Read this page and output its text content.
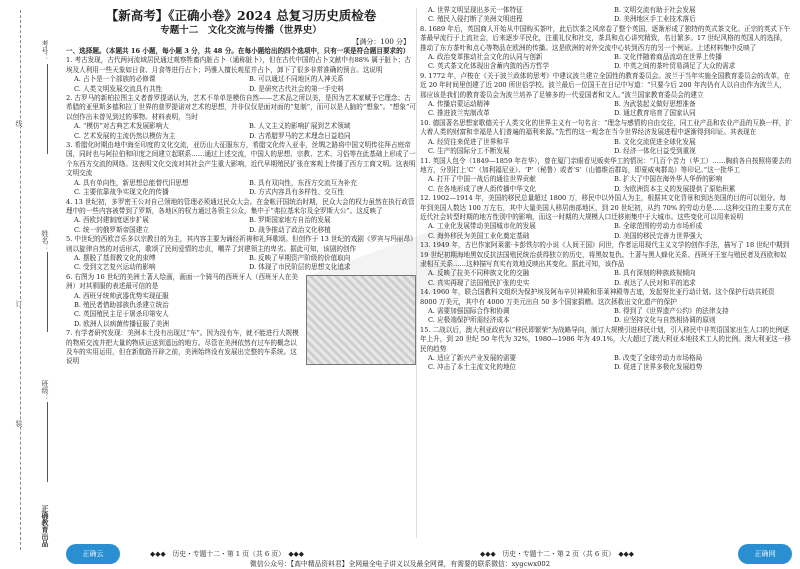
考号：
姓名：
班级：
正确教育出品
线
订
装
【新高考】《正确小卷》2024 总复习历史质检卷
专题十二　文化交流与传播（世界史）
【满分：100 分】
一、选择题。（本题共 16 小题，每小题 3 分，共 48 分。在每小题给出的四个选项中，只有一项是符合题目要求的）
1. 考古发现，古代两河流域居民通过观察牲畜内脏占卜（通称脏卜），但在古代中国的占卜文献中有88% 属于脏卜；古埃及人利用一些天象如日食、月食等进行占卜；玛雅人擅长观星并占卜，卸下了很多非常准确的预言。这说明
A. 占卜是一个部族的必修课	B. 可以通过不同地区的人神关系
C. 人类文明发展交流具有共性	D. 是研究古代社会的第一手史料
2. 古罗马的新柏拉图主义者普罗提诺认为，艺术不单单是模仿自然——艺术品之所以美，是因为艺术家赋予它理念；古希腊的亚里斯多德和拉丁世界的普罗提诺对艺术的思想，并非仅仅是面对面的“复制”，而可以是人脑的“想象”。“想象”可以创作出未曾见到过的事物。材料表明，当时
A. “模仿”对古典艺术发展影响大	B. 人文主义的影响扩展到艺术领域
C. 艺术发展的主流仍然以模仿为主	D. 古希腊罗马的艺术理念日益趋同
3. 希腊化时期由地中海至印度的文化交流，亚历山大征服东方，希腊文化传入亚非，丝绸之路将中国文明传往拜占庭帝国，同时也与阿拉伯和印度之间建立起联系……通过上述交流，中国人的思想、宗教、艺术、习俗等在此基础上形成了一个东西方交流的网络。这表明文化交流对其社会产生重大影响，近代早期殖民扩张在客观上传播了西方工商文明。这表明文明交流
A. 具有单向性，新思想总能替代旧思想	B. 具有双向性，东西方交流互为补充
C. 主要依靠战争实现文化的传播	D. 方式内容具有多样性、交互性
4. 13 世纪初，多罗密王公对自己领地的管理必须通过民众大会。在金帐汗国统治时期，民众大会的权力虽然在执行政管理中的一些内容被带到了罗斯，各地区的权力通过各领主公众，集中于“弗拉基米尔及全罗斯大公”。这反映了
A. 西欧封建制度逐步扩展	B. 罗斯国家地方自治的发展
C. 统一的俄罗斯帝国建立	D. 战争推动了政治文化移植
5. 中世纪的西欧音乐多以宗教目的为主，其内容主要为诵经祈祷和礼拜歌颂。但创作于 13 世纪的戏剧《罗宾与玛丽昂》则以旋律自然的对话形式，歌颂了民间爱情的忠贞，嘲弄了封建领主的卑劣。据此可知，该剧的创作
A. 摆脱了基督教文化的束缚	B. 反映了早期资产阶级的价值取向
C. 受到文艺复兴运动的影响	D. 体现了市民阶层的思想文化追求
6. 右图为 16 世纪的美洲土著人绘画，画面一个骑马的西班牙人（西班牙人在美洲）对其驯服的表述最可信的是
A. 西班牙统帅武器优势实现征服
B. 殖民者借助部族仇杀建立统治
C. 英国殖民主足于屠杀印第安人
D. 欧洲人以病菌传播征服了美洲
7. 有学者研究发现：美洲本土没有出现过“车”。因为没有车，就不能进行大规模的物质交流并把大量的物质运送到遥远的地方。尽管在美洲依然有过车的概念以及车的实用运用，但在新航路开辟之前，美洲始终没有发展出完整的车系统。这说明
A. 世界文明呈现出多元一体特征	B. 文明交流有助于社会发展
C. 殖民入侵打断了美洲文明进程	D. 美洲地区手工业技术落后
8. 1689 年后，英国商人开始从中国购买茶叶，此后饮茶之风席卷了整个英国，逐渐形成了独特的英式茶文化。正宗的英式下午茶最早流行于上流社会，后来逐步平民化，注重礼仪和社交，茶具和点心讲究精致，名目繁多。17 世纪风格的英国人的选择，推动了东方茶叶和点心等物品在欧洲的传播。这是欧洲的对外交流中心转到西方的另一个例证。上述材料集中反映了
A. 政治变革推动社会文化的认同与创新	B. 文化伴随着商品流动在世界上传播
C. 英式茶文化体现出含蓄内敛的西方哲学	D. 中英之间的茶叶贸易满足了大众的需求
9. 1772 年，卢梭在《关于波兰政体的思考》中建议波兰建立全国性的教育委员会。波兰于当年实施全国教育委员会的改革，在近 20 年时间里创建了近 200 所世俗学校。波兰最后一位国王在日记中写道：“只要今后 200 年内仍有人以自由作为波兰人，那应该是我们的教育委员会为波兰培养了足够多的一代爱国者和文人。”波兰国家教育委员会的建立
A. 传播启蒙运动精神	B. 为武装起义做好思想准备
C. 推进波兰宪制改革	D. 通过教育培育了国家认同
10. 德国著名思想家歌德关于人类文化的世界主义有一句名言：“理念与感情的自由交往，同工业产品和农业产品的互换一样，扩大着人类的财富和幸福是人们普遍的福利来源。”先哲的这一观念在当今世界经济发展进程中逐渐得到印证。其表现在
A. 经贸往来促进了世界和平	B. 文化交流促进全球化发展
C. 生产的国际分工不断发展	D. 经济一体化日益受到重视
11. 英国人包令（1849—1859 年在华），曾在厦门亲眼看见贩卖华工的情况：“几百个苦力（华工）……胸前各自按照将要去的地方，分别打上‘C’（加利福尼亚）、‘P’（秘鲁）或者‘S’（山德维治群岛，即夏威夷群岛）等印记。”这一批华工
A. 打开了中国一战后的通往世界贡献	B. 扩大了中国在海外华人华侨的影响
C. 在各地形成了唐人街传播中华文化	D. 为欧洲资本主义的发展提供了原始积累
12. 1902—1914 年，美国的移民总量超过 1800 万，移民中以外国人为主，根据其文化背景和到达美国的目的可以划分。每年到美国人数达 100 万左右，其中大量美国人移居南部地区，到 20 世纪初，从约 70% 的劳动力是……这种交往的主要方式在近代社会转型时期的地方性别中的影响，而这一时期的大规模人口迁移则集中于大城市。这些变化可以用来说明
A. 工业化发展带动美国城市化的发展	B. 全球范围的劳动力市场形成
C. 海外移民为美国工业化奠定基础	D. 美国的移民完善力世界强大
13. 1949 年，古巴作家阿莱霍·卡彭铁尔的小说《人间王国》问世，作者运用现代主义文学的创作手法，描写了 18 世纪中期到 19 世纪初期海地黑奴反抗法国殖民统治获得独立的历史，将黑奴复仇、土著与黑人蜂化关系、西班牙王室与殖民者及西欧和奴隶相互关系……这种描写真实有效地反映出其变化。据此可知，该作品
A. 反映了拉美不同种族文化的交融	B. 具有深刻的种族歧视倾向
C. 真实再现了法国殖民扩张的史实	D. 表达了人民对和平的追求
14. 1960 年，联合国教科文组织为保护埃及阿布辛贝神殿和菲莱神殿等古迹，发起努比亚行动计划。这个保护行动共耗资 8000 万美元，其中有 4000 万美元出自 50 多个国家捐赠。这次拯救出文化遗产的保护
A. 需要加强国际合作和协调	B. 得到了《世界遗产公约》的法律支持
C. 应极端保护所需经济成本	D. 应坚持文化与自然相协调的原则
15. 二战以后，澳大利亚政府以“移民即繁荣”为战略导向，制订大规模引进移民计划，引入移民中非英语国家出生人口的比例逐年上升，到 20 世纪 50 年代为 32%，1980—1986 年为 49.1%，大大超过了澳大利亚本地技术工人的比例。澳大利亚这一移民的趋势
A. 适应了新兴产业发展的需要	B. 改变了全球劳动力市场格局
C. 冲击了本土主流文化的地位	D. 促进了世界多极化发展趋势
正确云	◆◆◆　历史・专题十二・第 1 页（共 6 页）　◆◆◆	◆◆◆　历史・专题十二・第 2 页（共 6 页）　◆◆◆
微信公众号：【高中精品资料君】全网最全电子讲义以及最全网课，有需要的联系微信：xygcwx002
正确网
